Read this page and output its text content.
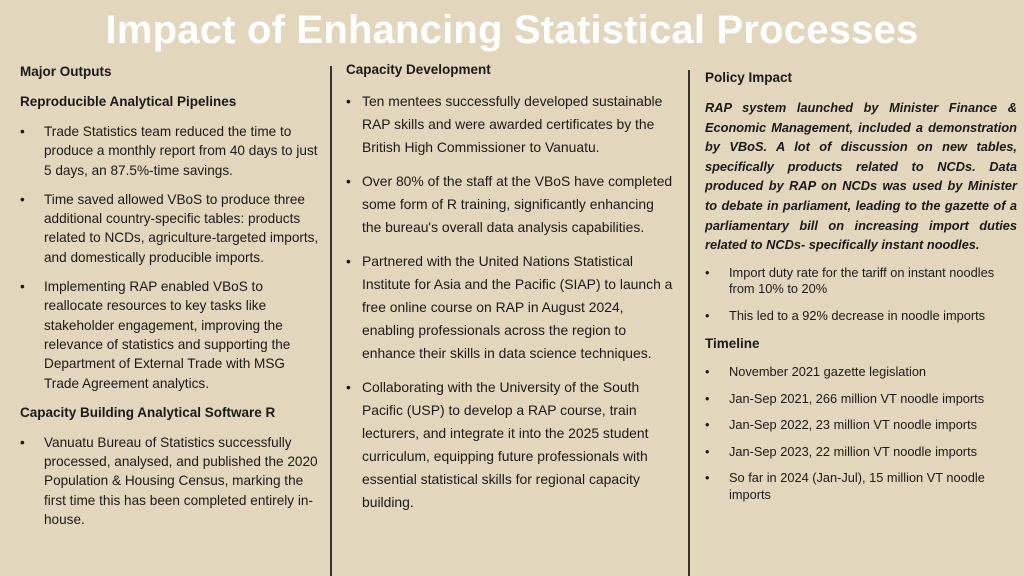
Impact of Enhancing Statistical Processes

Major Outputs

Reproducible Analytical Pipelines

• Trade Statistics team reduced the time to produce a monthly report from 40 days to just 5 days, an 87.5%-time savings.
• Time saved allowed VBoS to produce three additional country-specific tables: products related to NCDs, agriculture-targeted imports, and domestically producible imports.
• Implementing RAP enabled VBoS to reallocate resources to key tasks like stakeholder engagement, improving the relevance of statistics and supporting the Department of External Trade with MSG Trade Agreement analytics.

Capacity Building Analytical Software R

• Vanuatu Bureau of Statistics successfully processed, analysed, and published the 2020 Population & Housing Census, marking the first time this has been completed entirely in-house.

Capacity Development

• Ten mentees successfully developed sustainable RAP skills and were awarded certificates by the British High Commissioner to Vanuatu.
• Over 80% of the staff at the VBoS have completed some form of R training, significantly enhancing the bureau's overall data analysis capabilities.
• Partnered with the United Nations Statistical Institute for Asia and the Pacific (SIAP) to launch a free online course on RAP in August 2024, enabling professionals across the region to enhance their skills in data science techniques.
• Collaborating with the University of the South Pacific (USP) to develop a RAP course, train lecturers, and integrate it into the 2025 student curriculum, equipping future professionals with essential statistical skills for regional capacity building.

Policy Impact

RAP system launched by Minister Finance & Economic Management, included a demonstration by VBoS. A lot of discussion on new tables, specifically products related to NCDs. Data produced by RAP on NCDs was used by Minister to debate in parliament, leading to the gazette of a parliamentary bill on increasing import duties related to NCDs- specifically instant noodles.

• Import duty rate for the tariff on instant noodles from 10% to 20%
• This led to a 92% decrease in noodle imports

Timeline

• November 2021 gazette legislation
• Jan-Sep 2021, 266 million VT noodle imports
• Jan-Sep 2022, 23 million VT noodle imports
• Jan-Sep 2023, 22 million VT noodle imports
• So far in 2024 (Jan-Jul), 15 million VT noodle imports
